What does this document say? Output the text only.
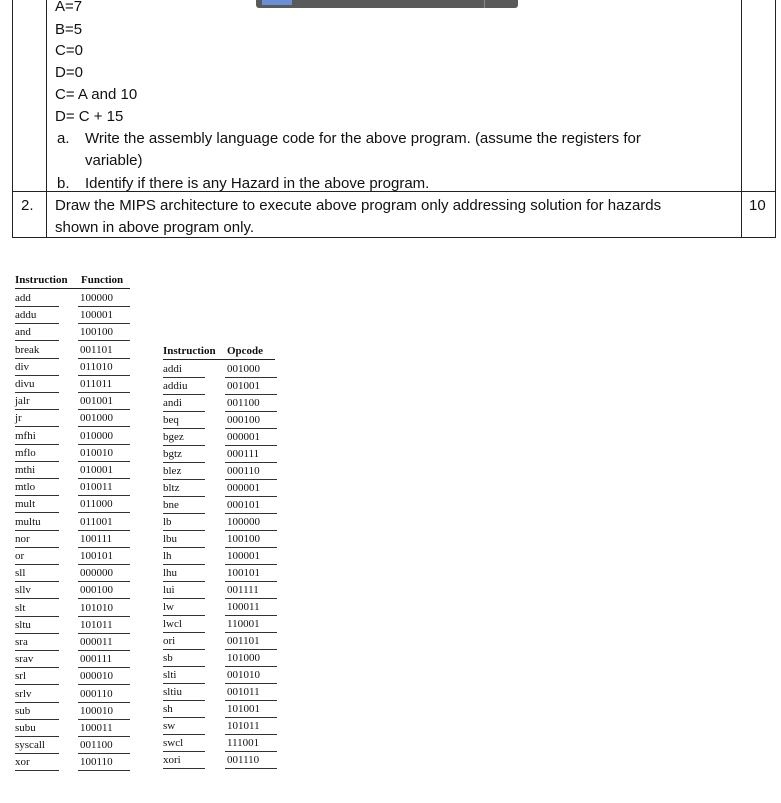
A=7
B=5
C=0
D=0
C= A and 10
D= C + 15
a. Write the assembly language code for the above program. (assume the registers for
variable)
b. Identify if there is any Hazard in the above program.
2. Draw the MIPS architecture to execute above program only addressing solution for hazards
shown in above program only.
10
Instruction Function
add	100000
addu	100001
and	100100
break	001101
div	011010
divu	011011
jalr	001001
jr	001000
mfhi	010000
mflo	010010
mthi	010001
mtlo	010011
mult	011000
multu	011001
nor	100111
or	100101
sll	000000
sllv	000100
slt	101010
sltu	101011
sra	000011
srav	000111
srl	000010
srlv	000110
sub	100010
subu	100011
syscall	001100
xor	100110
Instruction Opcode
addi	001000
addiu	001001
andi	001100
beq	000100
bgez	000001
bgtz	000111
blez	000110
bltz	000001
bne	000101
lb	100000
lbu	100100
lh	100001
lhu	100101
lui	001111
lw	100011
lwcl	110001
ori	001101
sb	101000
slti	001010
sltiu	001011
sh	101001
sw	101011
swcl	111001
xori	001110
